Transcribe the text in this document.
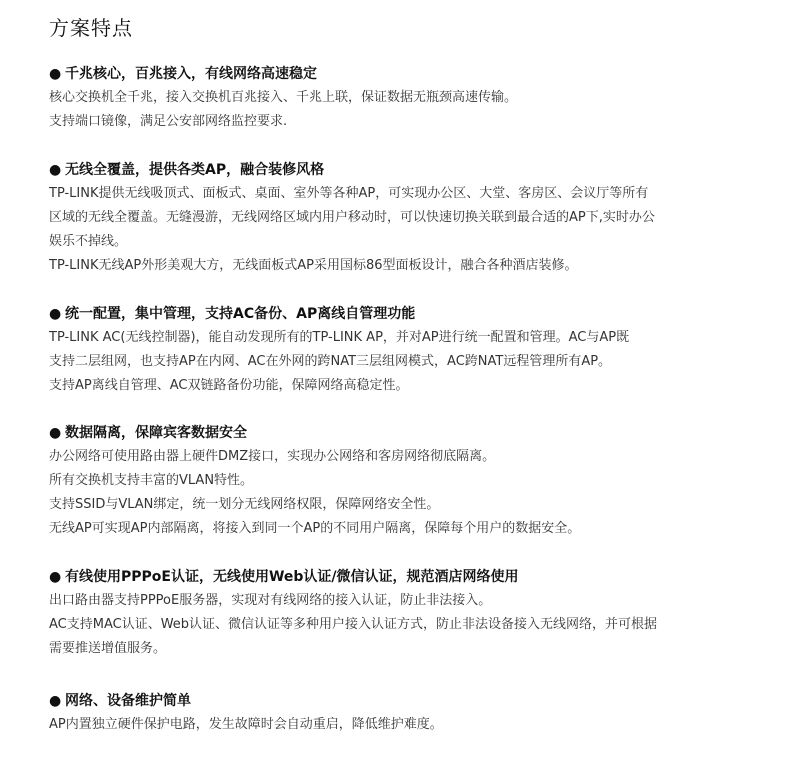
方案特点
● 千兆核心，百兆接入，有线网络高速稳定
核心交换机全千兆，接入交换机百兆接入、千兆上联，保证数据无瓶颈高速传输。
支持端口镜像，满足公安部网络监控要求.
● 无线全覆盖，提供各类AP，融合装修风格
TP-LINK提供无线吸顶式、面板式、桌面、室外等各种AP，可实现办公区、大堂、客房区、会议厅等所有
区域的无线全覆盖。无缝漫游，无线网络区域内用户移动时，可以快速切换关联到最合适的AP下,实时办公
娱乐不掉线。
TP-LINK无线AP外形美观大方，无线面板式AP采用国标86型面板设计，融合各种酒店装修。
● 统一配置，集中管理，支持AC备份、AP离线自管理功能
TP-LINK AC(无线控制器)，能自动发现所有的TP-LINK AP，并对AP进行统一配置和管理。AC与AP既
支持二层组网，也支持AP在内网、AC在外网的跨NAT三层组网模式，AC跨NAT远程管理所有AP。
支持AP离线自管理、AC双链路备份功能，保障网络高稳定性。
● 数据隔离，保障宾客数据安全
办公网络可使用路由器上硬件DMZ接口，实现办公网络和客房网络彻底隔离。
所有交换机支持丰富的VLAN特性。
支持SSID与VLAN绑定，统一划分无线网络权限，保障网络安全性。
无线AP可实现AP内部隔离，将接入到同一个AP的不同用户隔离，保障每个用户的数据安全。
● 有线使用PPPoE认证，无线使用Web认证/微信认证，规范酒店网络使用
出口路由器支持PPPoE服务器，实现对有线网络的接入认证，防止非法接入。
AC支持MAC认证、Web认证、微信认证等多种用户接入认证方式，防止非法设备接入无线网络，并可根据
需要推送增值服务。
● 网络、设备维护简单
AP内置独立硬件保护电路，发生故障时会自动重启，降低维护难度。
